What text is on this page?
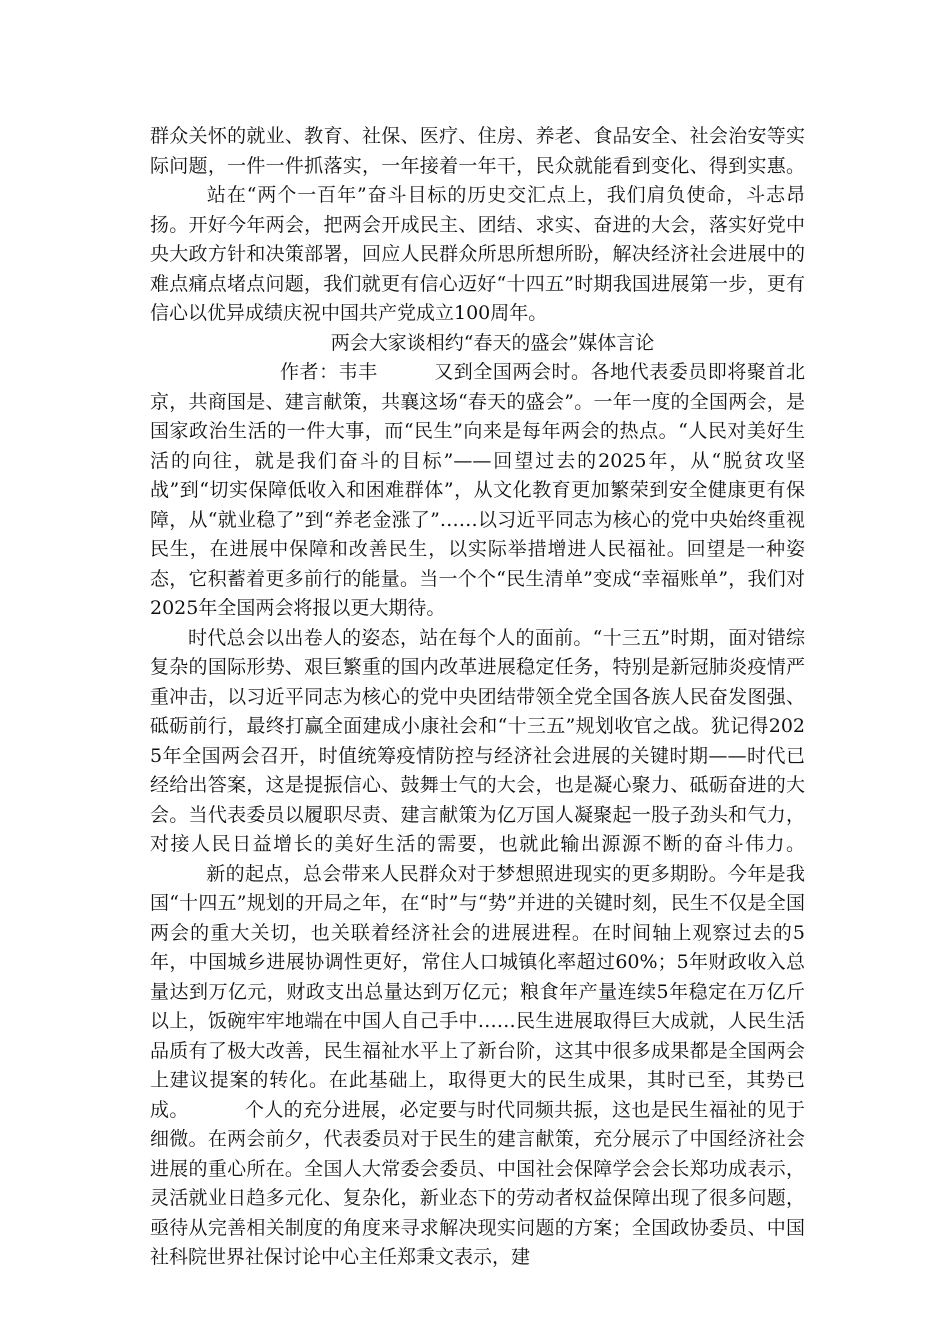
群众关怀的就业、教育、社保、医疗、住房、养老、食品安全、社会治安等实际问题，一件一件抓落实，一年接着一年干，民众就能看到变化、得到实惠。站在“两个一百年”奋斗目标的历史交汇点上，我们肩负使命，斗志昂扬。开好今年两会，把两会开成民主、团结、求实、奋进的大会，落实好党中央大政方针和决策部署，回应人民群众所思所想所盼，解决经济社会进展中的难点痛点堵点问题，我们就更有信心迈好“十四五”时期我国进展第一步，更有信心以优异成绩庆祝中国共产党成立100周年。

两会大家谈相约“春天的盛会”媒体言论

作者：韦丰	又到全国两会时。各地代表委员即将聚首北京，共商国是、建言献策，共襄这场“春天的盛会”。一年一度的全国两会，是国家政治生活的一件大事，而“民生”向来是每年两会的热点。“人民对美好生活的向往，就是我们奋斗的目标”——回望过去的2025年，从“脱贫攻坚战”到“切实保障低收入和困难群体”，从文化教育更加繁荣到安全健康更有保障，从“就业稳了”到“养老金涨了”……以习近平同志为核心的党中央始终重视民生，在进展中保障和改善民生，以实际举措增进人民福祉。回望是一种姿态，它积蓄着更多前行的能量。当一个个“民生清单”变成“幸福账单”，我们对2025年全国两会将报以更大期待。

时代总会以出卷人的姿态，站在每个人的面前。“十三五”时期，面对错综复杂的国际形势、艰巨繁重的国内改革进展稳定任务，特别是新冠肺炎疫情严重冲击，以习近平同志为核心的党中央团结带领全党全国各族人民奋发图强、砥砺前行，最终打赢全面建成小康社会和“十三五”规划收官之战。犹记得2025年全国两会召开，时值统筹疫情防控与经济社会进展的关键时期——时代已经给出答案，这是提振信心、鼓舞士气的大会，也是凝心聚力、砥砺奋进的大会。当代表委员以履职尽责、建言献策为亿万国人凝聚起一股子劲头和气力，对接人民日益增长的美好生活的需要，也就此输出源源不断的奋斗伟力。新的起点，总会带来人民群众对于梦想照进现实的更多期盼。今年是我国“十四五”规划的开局之年，在“时”与“势”并进的关键时刻，民生不仅是全国两会的重大关切，也关联着经济社会的进展进程。在时间轴上观察过去的5年，中国城乡进展协调性更好，常住人口城镇化率超过60%；5年财政收入总量达到万亿元，财政支出总量达到万亿元；粮食年产量连续5年稳定在万亿斤以上，饭碗牢牢地端在中国人自己手中……民生进展取得巨大成就，人民生活品质有了极大改善，民生福祉水平上了新台阶，这其中很多成果都是全国两会上建议提案的转化。在此基础上，取得更大的民生成果，其时已至，其势已成。	个人的充分进展，必定要与时代同频共振，这也是民生福祉的见于细微。在两会前夕，代表委员对于民生的建言献策，充分展示了中国经济社会进展的重心所在。全国人大常委会委员、中国社会保障学会会长郑功成表示，灵活就业日趋多元化、复杂化，新业态下的劳动者权益保障出现了很多问题，亟待从完善相关制度的角度来寻求解决现实问题的方案；全国政协委员、中国社科院世界社保讨论中心主任郑秉文表示，建
